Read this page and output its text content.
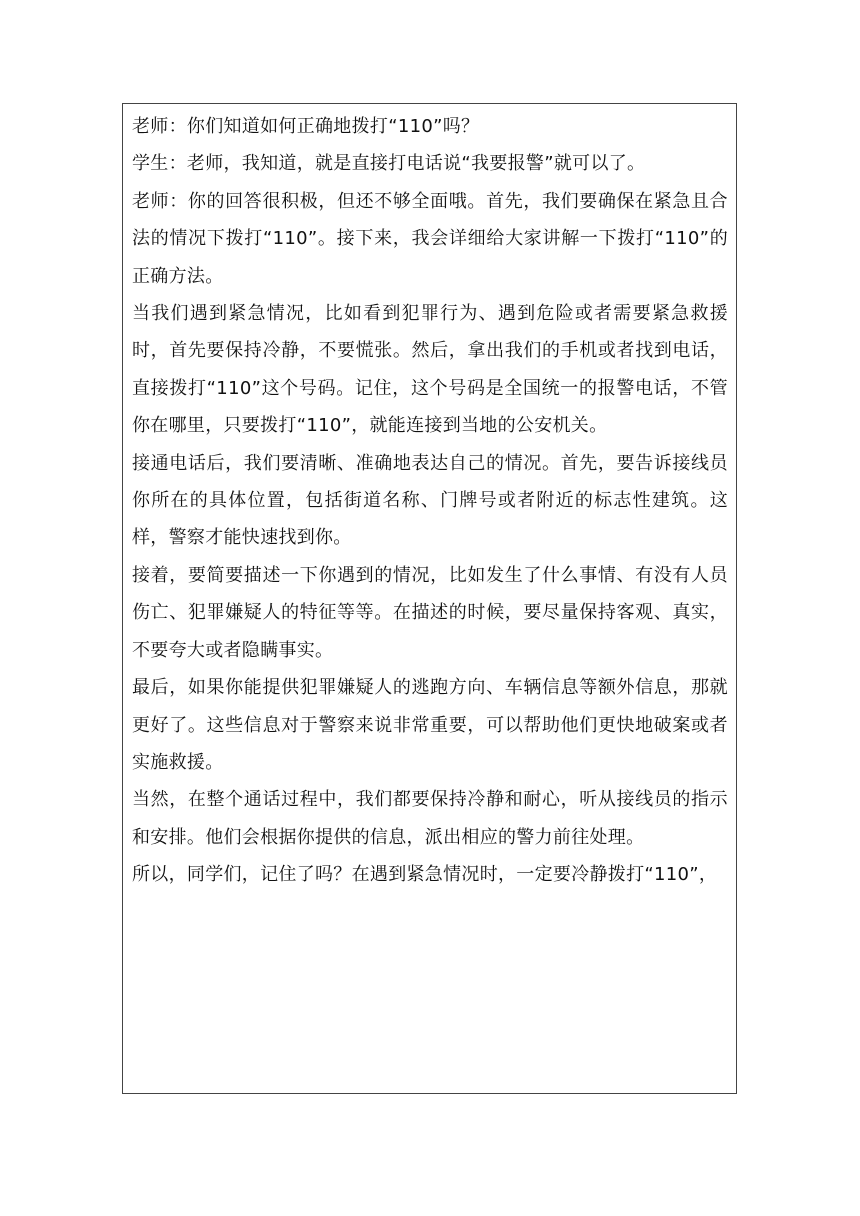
老师：你们知道如何正确地拨打“110”吗？

学生：老师，我知道，就是直接打电话说“我要报警”就可以了。

老师：你的回答很积极，但还不够全面哦。首先，我们要确保在紧急且合法的情况下拨打“110”。接下来，我会详细给大家讲解一下拨打“110”的正确方法。

当我们遇到紧急情况，比如看到犯罪行为、遇到危险或者需要紧急救援时，首先要保持冷静，不要慌张。然后，拿出我们的手机或者找到电话，直接拨打“110”这个号码。记住，这个号码是全国统一的报警电话，不管你在哪里，只要拨打“110”，就能连接到当地的公安机关。

接通电话后，我们要清晰、准确地表达自己的情况。首先，要告诉接线员你所在的具体位置，包括街道名称、门牌号或者附近的标志性建筑。这样，警察才能快速找到你。

接着，要简要描述一下你遇到的情况，比如发生了什么事情、有没有人员伤亡、犯罪嫌疑人的特征等等。在描述的时候，要尽量保持客观、真实，不要夸大或者隐瞒事实。

最后，如果你能提供犯罪嫌疑人的逃跑方向、车辆信息等额外信息，那就更好了。这些信息对于警察来说非常重要，可以帮助他们更快地破案或者实施救援。

当然，在整个通话过程中，我们都要保持冷静和耐心，听从接线员的指示和安排。他们会根据你提供的信息，派出相应的警力前往处理。

所以，同学们，记住了吗？在遇到紧急情况时，一定要冷静拨打“110”，
